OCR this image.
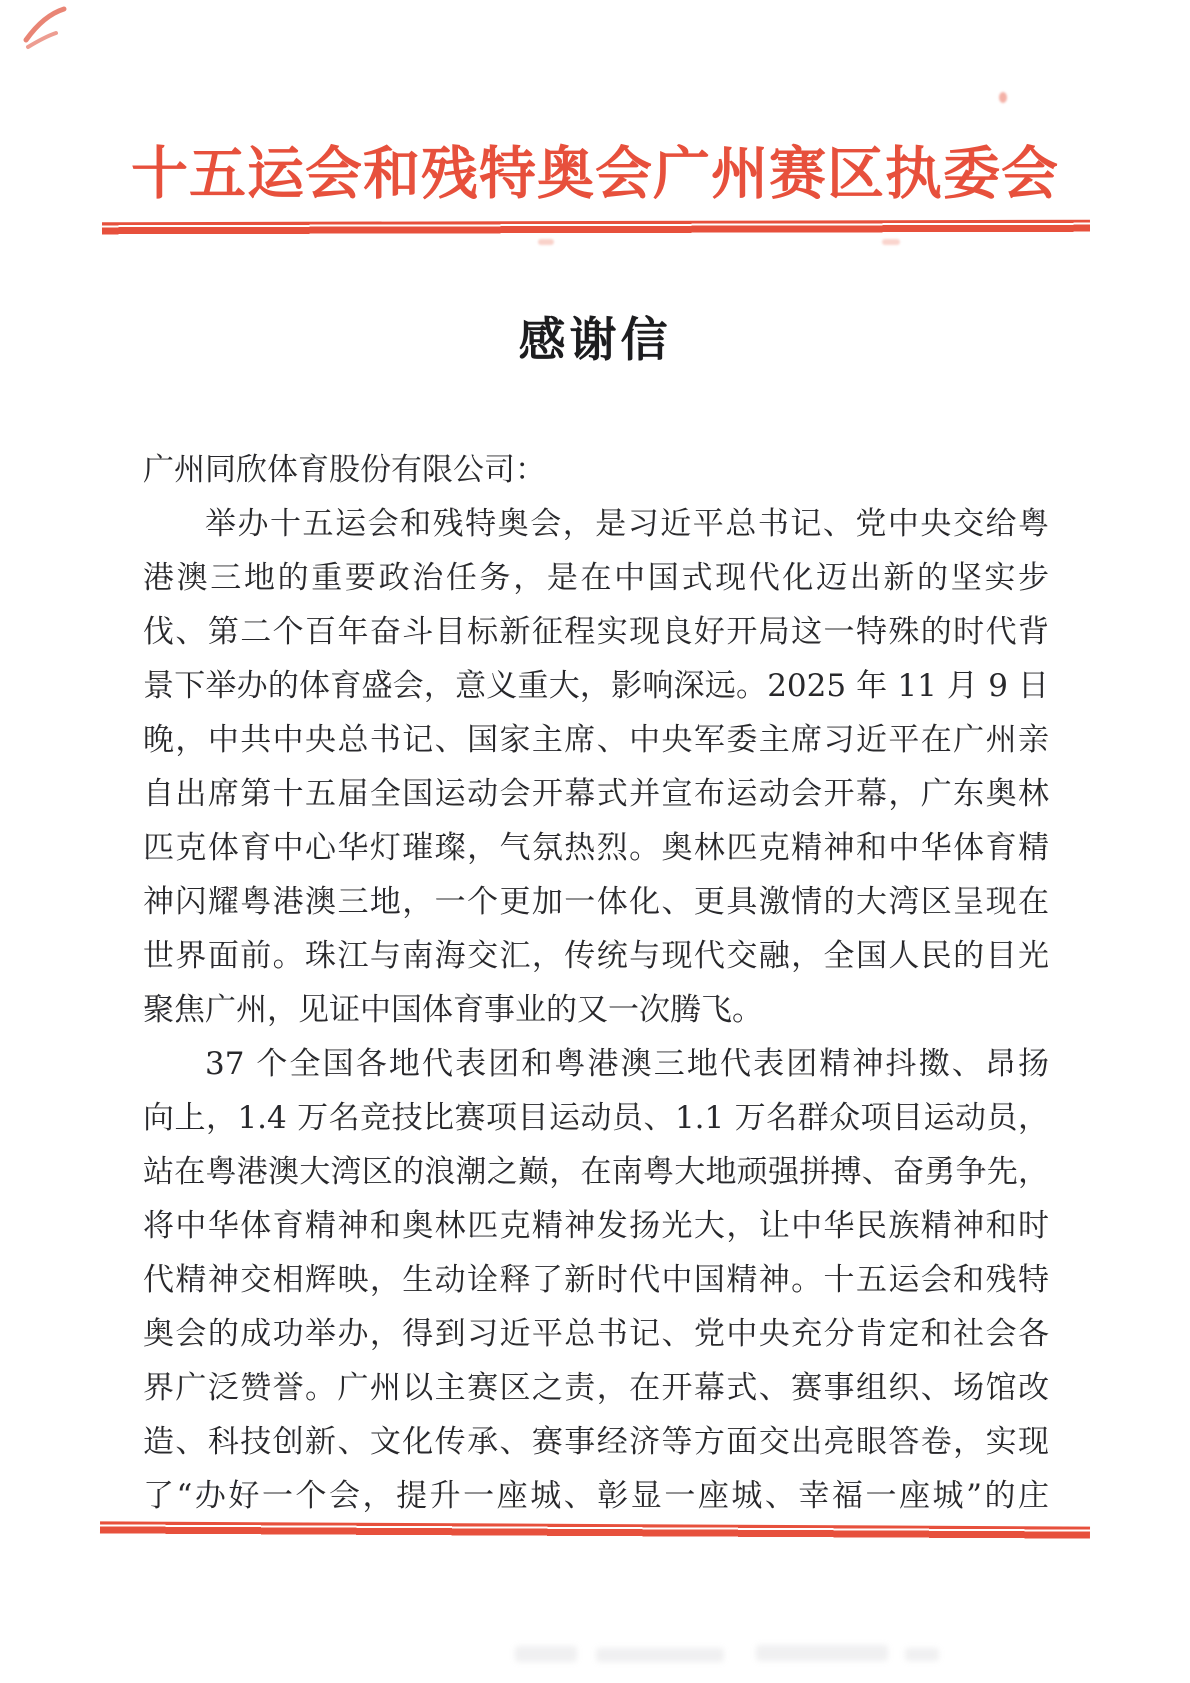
十五运会和残特奥会广州赛区执委会
感谢信
广州同欣体育股份有限公司：
举办十五运会和残特奥会，是习近平总书记、党中央交给粤
港澳三地的重要政治任务，是在中国式现代化迈出新的坚实步
伐、第二个百年奋斗目标新征程实现良好开局这一特殊的时代背
景下举办的体育盛会，意义重大，影响深远。2025 年 11 月 9 日
晚，中共中央总书记、国家主席、中央军委主席习近平在广州亲
自出席第十五届全国运动会开幕式并宣布运动会开幕，广东奥林
匹克体育中心华灯璀璨，气氛热烈。奥林匹克精神和中华体育精
神闪耀粤港澳三地，一个更加一体化、更具激情的大湾区呈现在
世界面前。珠江与南海交汇，传统与现代交融，全国人民的目光
聚焦广州，见证中国体育事业的又一次腾飞。
37 个全国各地代表团和粤港澳三地代表团精神抖擞、昂扬
向上，1.4 万名竞技比赛项目运动员、1.1 万名群众项目运动员，
站在粤港澳大湾区的浪潮之巅，在南粤大地顽强拼搏、奋勇争先，
将中华体育精神和奥林匹克精神发扬光大，让中华民族精神和时
代精神交相辉映，生动诠释了新时代中国精神。十五运会和残特
奥会的成功举办，得到习近平总书记、党中央充分肯定和社会各
界广泛赞誉。广州以主赛区之责，在开幕式、赛事组织、场馆改
造、科技创新、文化传承、赛事经济等方面交出亮眼答卷，实现
了“办好一个会，提升一座城、彰显一座城、幸福一座城”的庄
